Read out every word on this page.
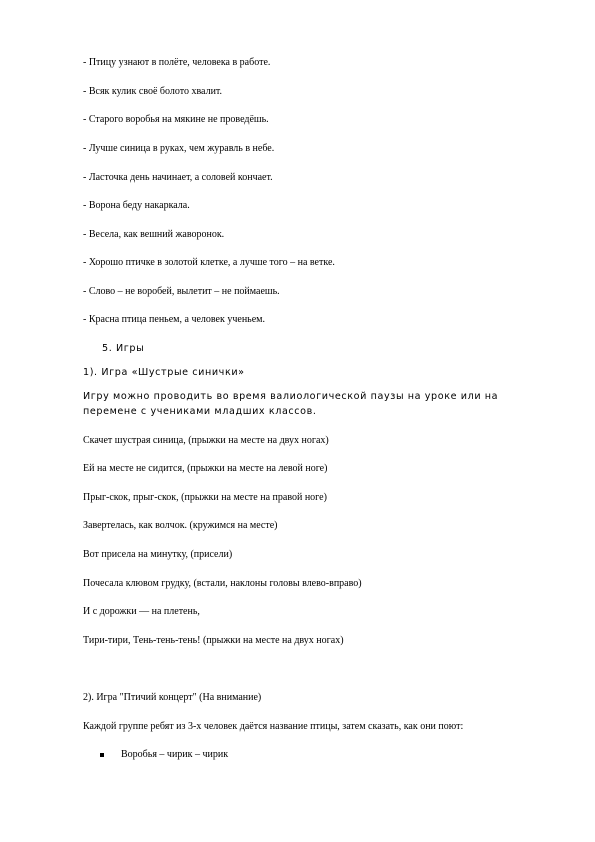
- Птицу узнают в полёте, человека в работе.
- Всяк кулик своё болото хвалит.
- Старого воробья на мякине не проведёшь.
- Лучше синица в руках, чем журавль в небе.
- Ласточка день начинает, а соловей кончает.
- Ворона беду накаркала.
- Весела, как вешний жаворонок.
- Хорошо птичке в золотой клетке, а лучше того – на ветке.
- Слово – не воробей, вылетит – не поймаешь.
- Красна птица пеньем, а человек ученьем.
5. Игры
1). Игра «Шустрые синички»
Игру можно проводить во время валиологической паузы на уроке или на
перемене с учениками младших классов.
Скачет шустрая синица, (прыжки на месте на двух ногах)
Ей на месте не сидится, (прыжки на месте на левой ноге)
Прыг-скок, прыг-скок, (прыжки на месте на правой ноге)
Завертелась, как волчок. (кружимся на месте)
Вот присела на минутку, (присели)
Почесала клювом грудку, (встали, наклоны головы влево-вправо)
И с дорожки — на плетень,
Тири-тири, Тень-тень-тень! (прыжки на месте на двух ногах)
2). Игра "Птичий концерт" (На внимание)
Каждой группе ребят из 3-х человек даётся название птицы, затем сказать, как они поют:
Воробья – чирик – чирик
